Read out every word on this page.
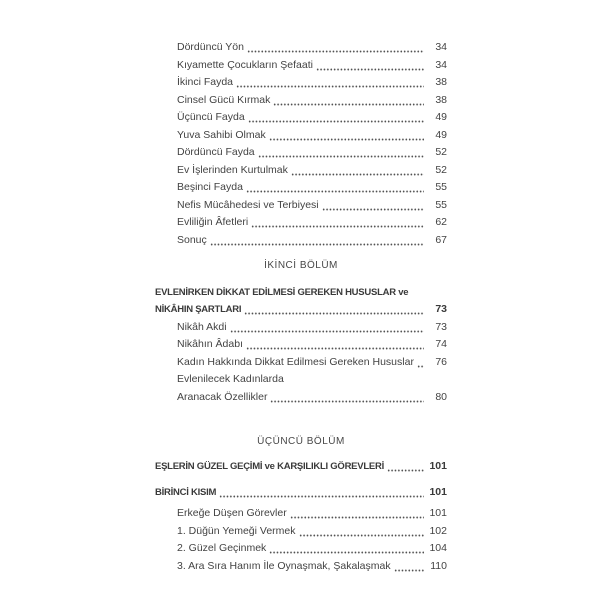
Dördüncü Yön	34
Kıyamette Çocukların Şefaati	34
İkinci Fayda	38
Cinsel Gücü Kırmak	38
Üçüncü Fayda	49
Yuva Sahibi Olmak	49
Dördüncü Fayda	52
Ev İşlerinden Kurtulmak	52
Beşinci Fayda	55
Nefis Mücâhedesi ve Terbiyesi	55
Evliliğin Âfetleri	62
Sonuç	67
İKİNCİ BÖLÜM
EVLENİRKEN DİKKAT EDİLMESİ GEREKEN HUSUSLAR ve
NİKÂHIN ŞARTLARI	73
Nikâh Akdi	73
Nikâhın Âdabı	74
Kadın Hakkında Dikkat Edilmesi Gereken Hususlar	76
Evlenilecek Kadınlarda
Aranacak Özellikler	80
ÜÇÜNCÜ BÖLÜM
EŞLERİN GÜZEL GEÇİMİ ve KARŞILIKLI GÖREVLERİ	101
BİRİNCİ KISIM	101
Erkeğe Düşen Görevler	101
1. Düğün Yemeği Vermek	102
2. Güzel Geçinmek	104
3. Ara Sıra Hanım İle Oynaşmak, Şakalaşmak	110
